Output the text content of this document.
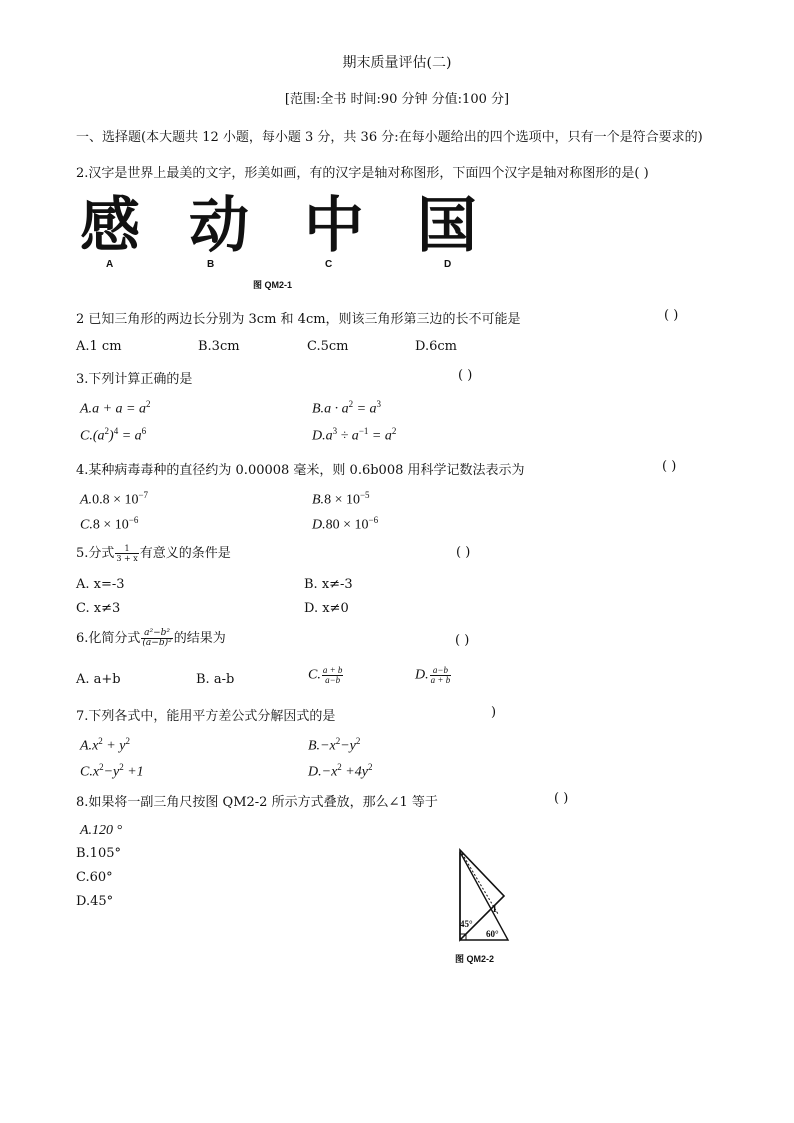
期末质量评估(二)
[范围:全书 时间:90 分钟 分值:100 分]
一、选择题(本大题共 12 小题，每小题 3 分，共 36 分:在每小题给出的四个选项中，只有一个是符合要求的)
2.汉字是世界上最美的文字，形美如画，有的汉字是轴对称图形，下面四个汉字是轴对称图形的是( )
感 动 中 国
A	B	C	D
图 QM2-1
2 已知三角形的两边长分别为 3cm 和 4cm，则该三角形第三边的长不可能是	( )
A.1 cm	B.3cm	C.5cm	D.6cm
3.下列计算正确的是	( )
$A.a + a = a^2$	$B.a \cdot a^2 = a^3$
$C.(a^2)^4 = a^6$	$D.a^3 \div a^{-1} = a^2$
4.某种病毒毒种的直径约为 0.00008 毫米，则 0.6b008 用科学记数法表示为	( )
$A.0.8 \times 10^{-7}$	$B.8 \times 10^{-5}$
$C.8 \times 10^{-6}$	$D.80 \times 10^{-6}$
5.分式 $\frac{1}{3 + x}$ 有意义的条件是	( )
A. x=-3	B. x≠-3
C. x≠3	D. x≠0
6.化简分式 $\frac{\text{a²−b²}}{\text{(a−b)²}}$ 的结果为	( )
A. a+b	B. a-b	C. $\frac{a + b}{a-b}$	D. $\frac{a-b}{a + b}$
7.下列各式中，能用平方差公式分解因式的是	)
$A.x^2 + y^2$	$B.-x^2-y^2$
$C.x^2-y^2 +1$	$D.-x^2 +4y^2$
8.如果将一副三角尺按图 QM2-2 所示方式叠放，那么∠1 等于	( )
A.120 °
B.105°
C.60°
D.45°
1
45°
60°
图 QM2-2
